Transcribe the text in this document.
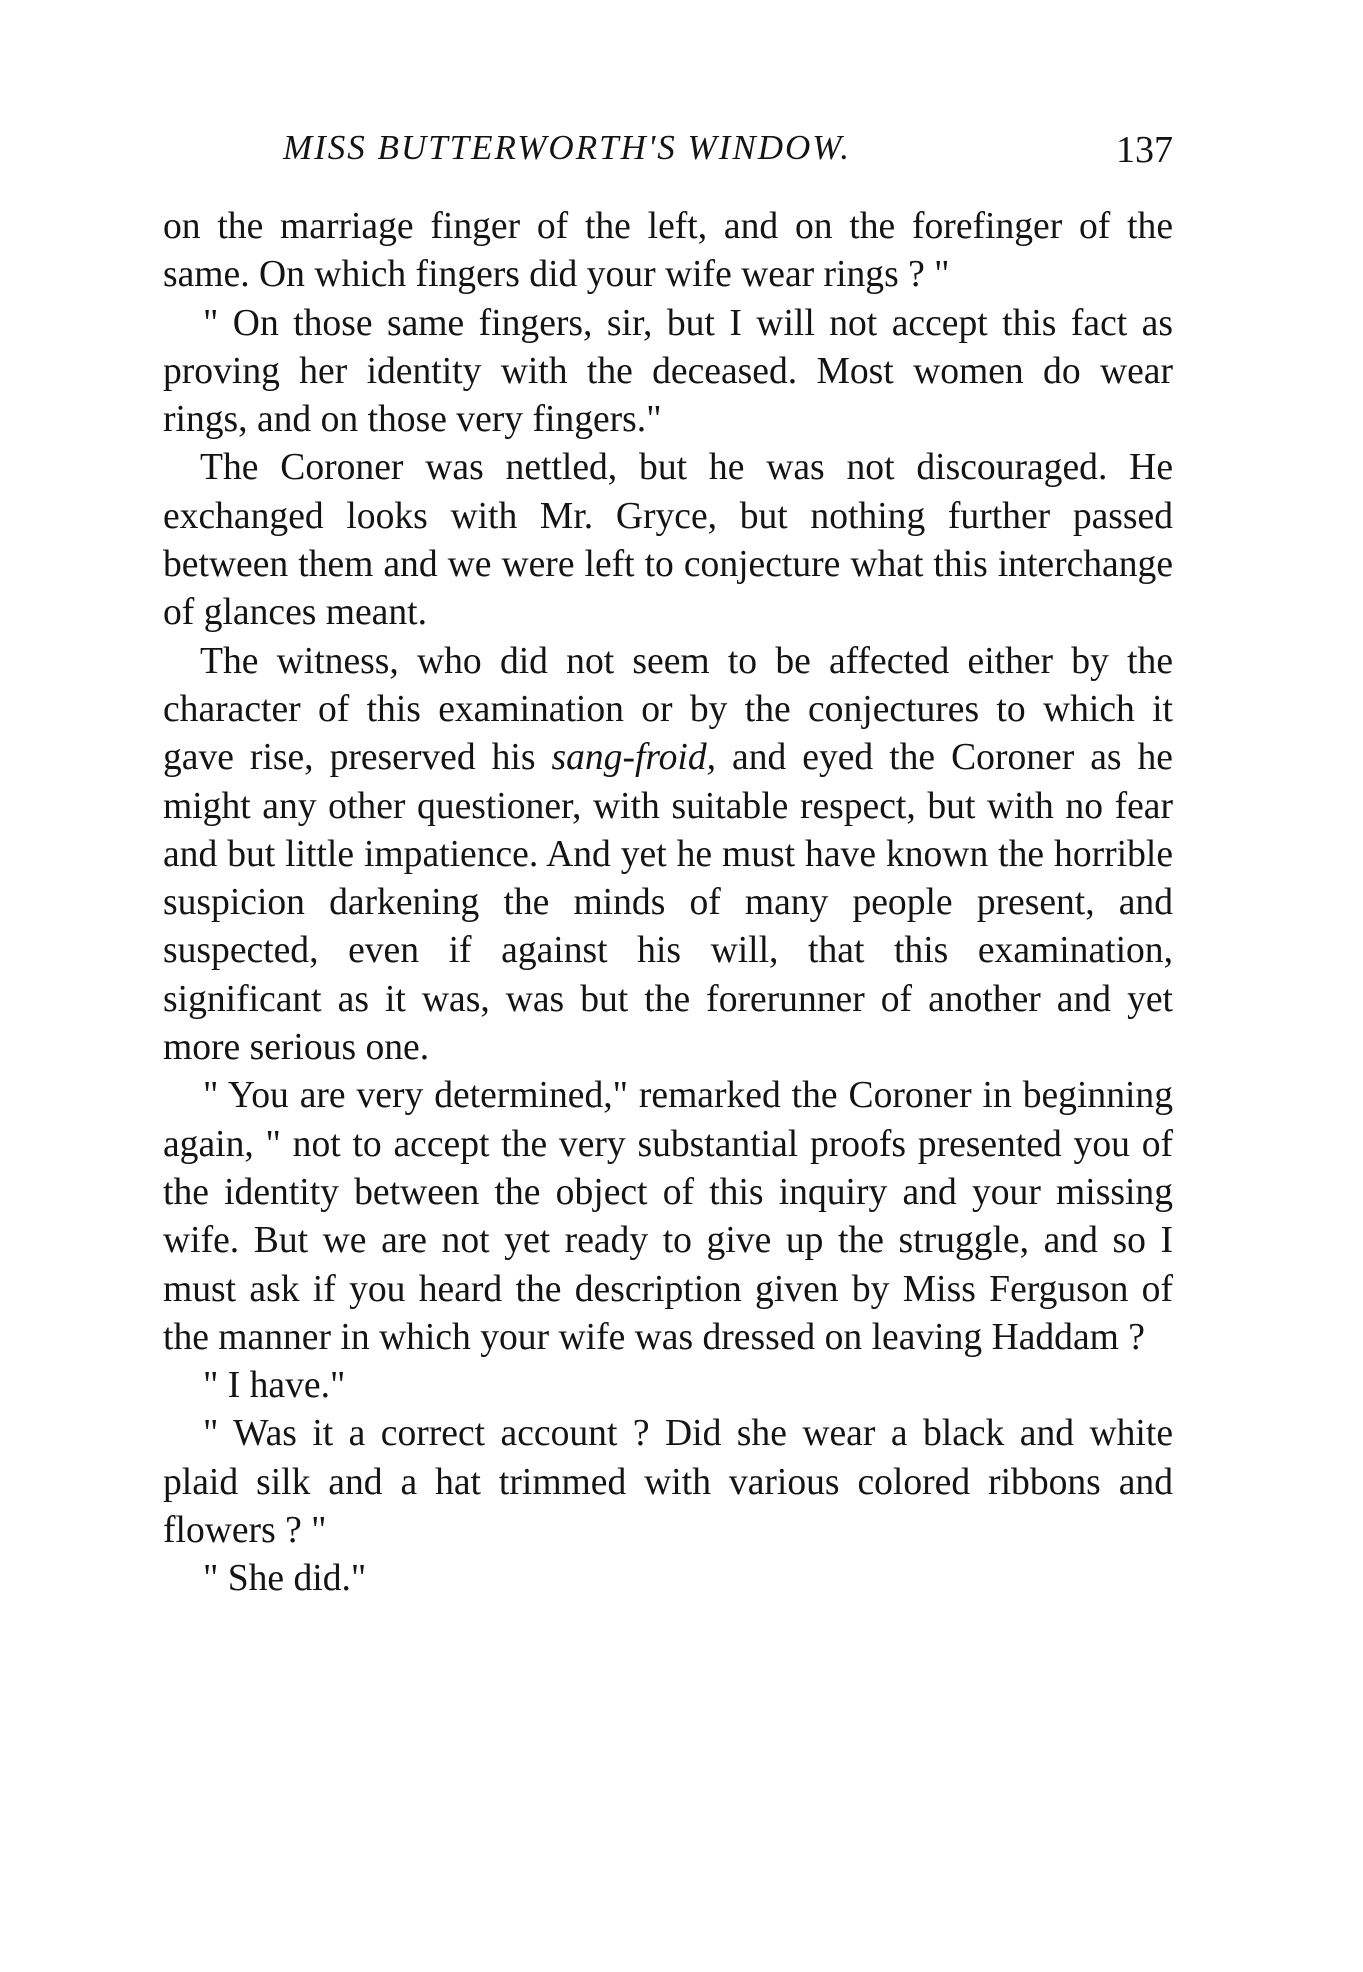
MISS BUTTERWORTH'S WINDOW.	137

on the marriage finger of the left, and on the forefinger of the same. On which fingers did your wife wear rings ? "

" On those same fingers, sir, but I will not accept this fact as proving her identity with the deceased. Most women do wear rings, and on those very fingers."

The Coroner was nettled, but he was not discouraged. He exchanged looks with Mr. Gryce, but nothing further passed between them and we were left to conjecture what this interchange of glances meant.

The witness, who did not seem to be affected either by the character of this examination or by the conjectures to which it gave rise, preserved his sang-froid, and eyed the Coroner as he might any other questioner, with suitable respect, but with no fear and but little impatience. And yet he must have known the horrible suspicion darkening the minds of many people present, and suspected, even if against his will, that this examination, significant as it was, was but the forerunner of another and yet more serious one.

" You are very determined," remarked the Coroner in beginning again, " not to accept the very substantial proofs presented you of the identity between the object of this inquiry and your missing wife. But we are not yet ready to give up the struggle, and so I must ask if you heard the description given by Miss Ferguson of the manner in which your wife was dressed on leaving Haddam ?

" I have."

" Was it a correct account ? Did she wear a black and white plaid silk and a hat trimmed with various colored ribbons and flowers ? "

" She did."
